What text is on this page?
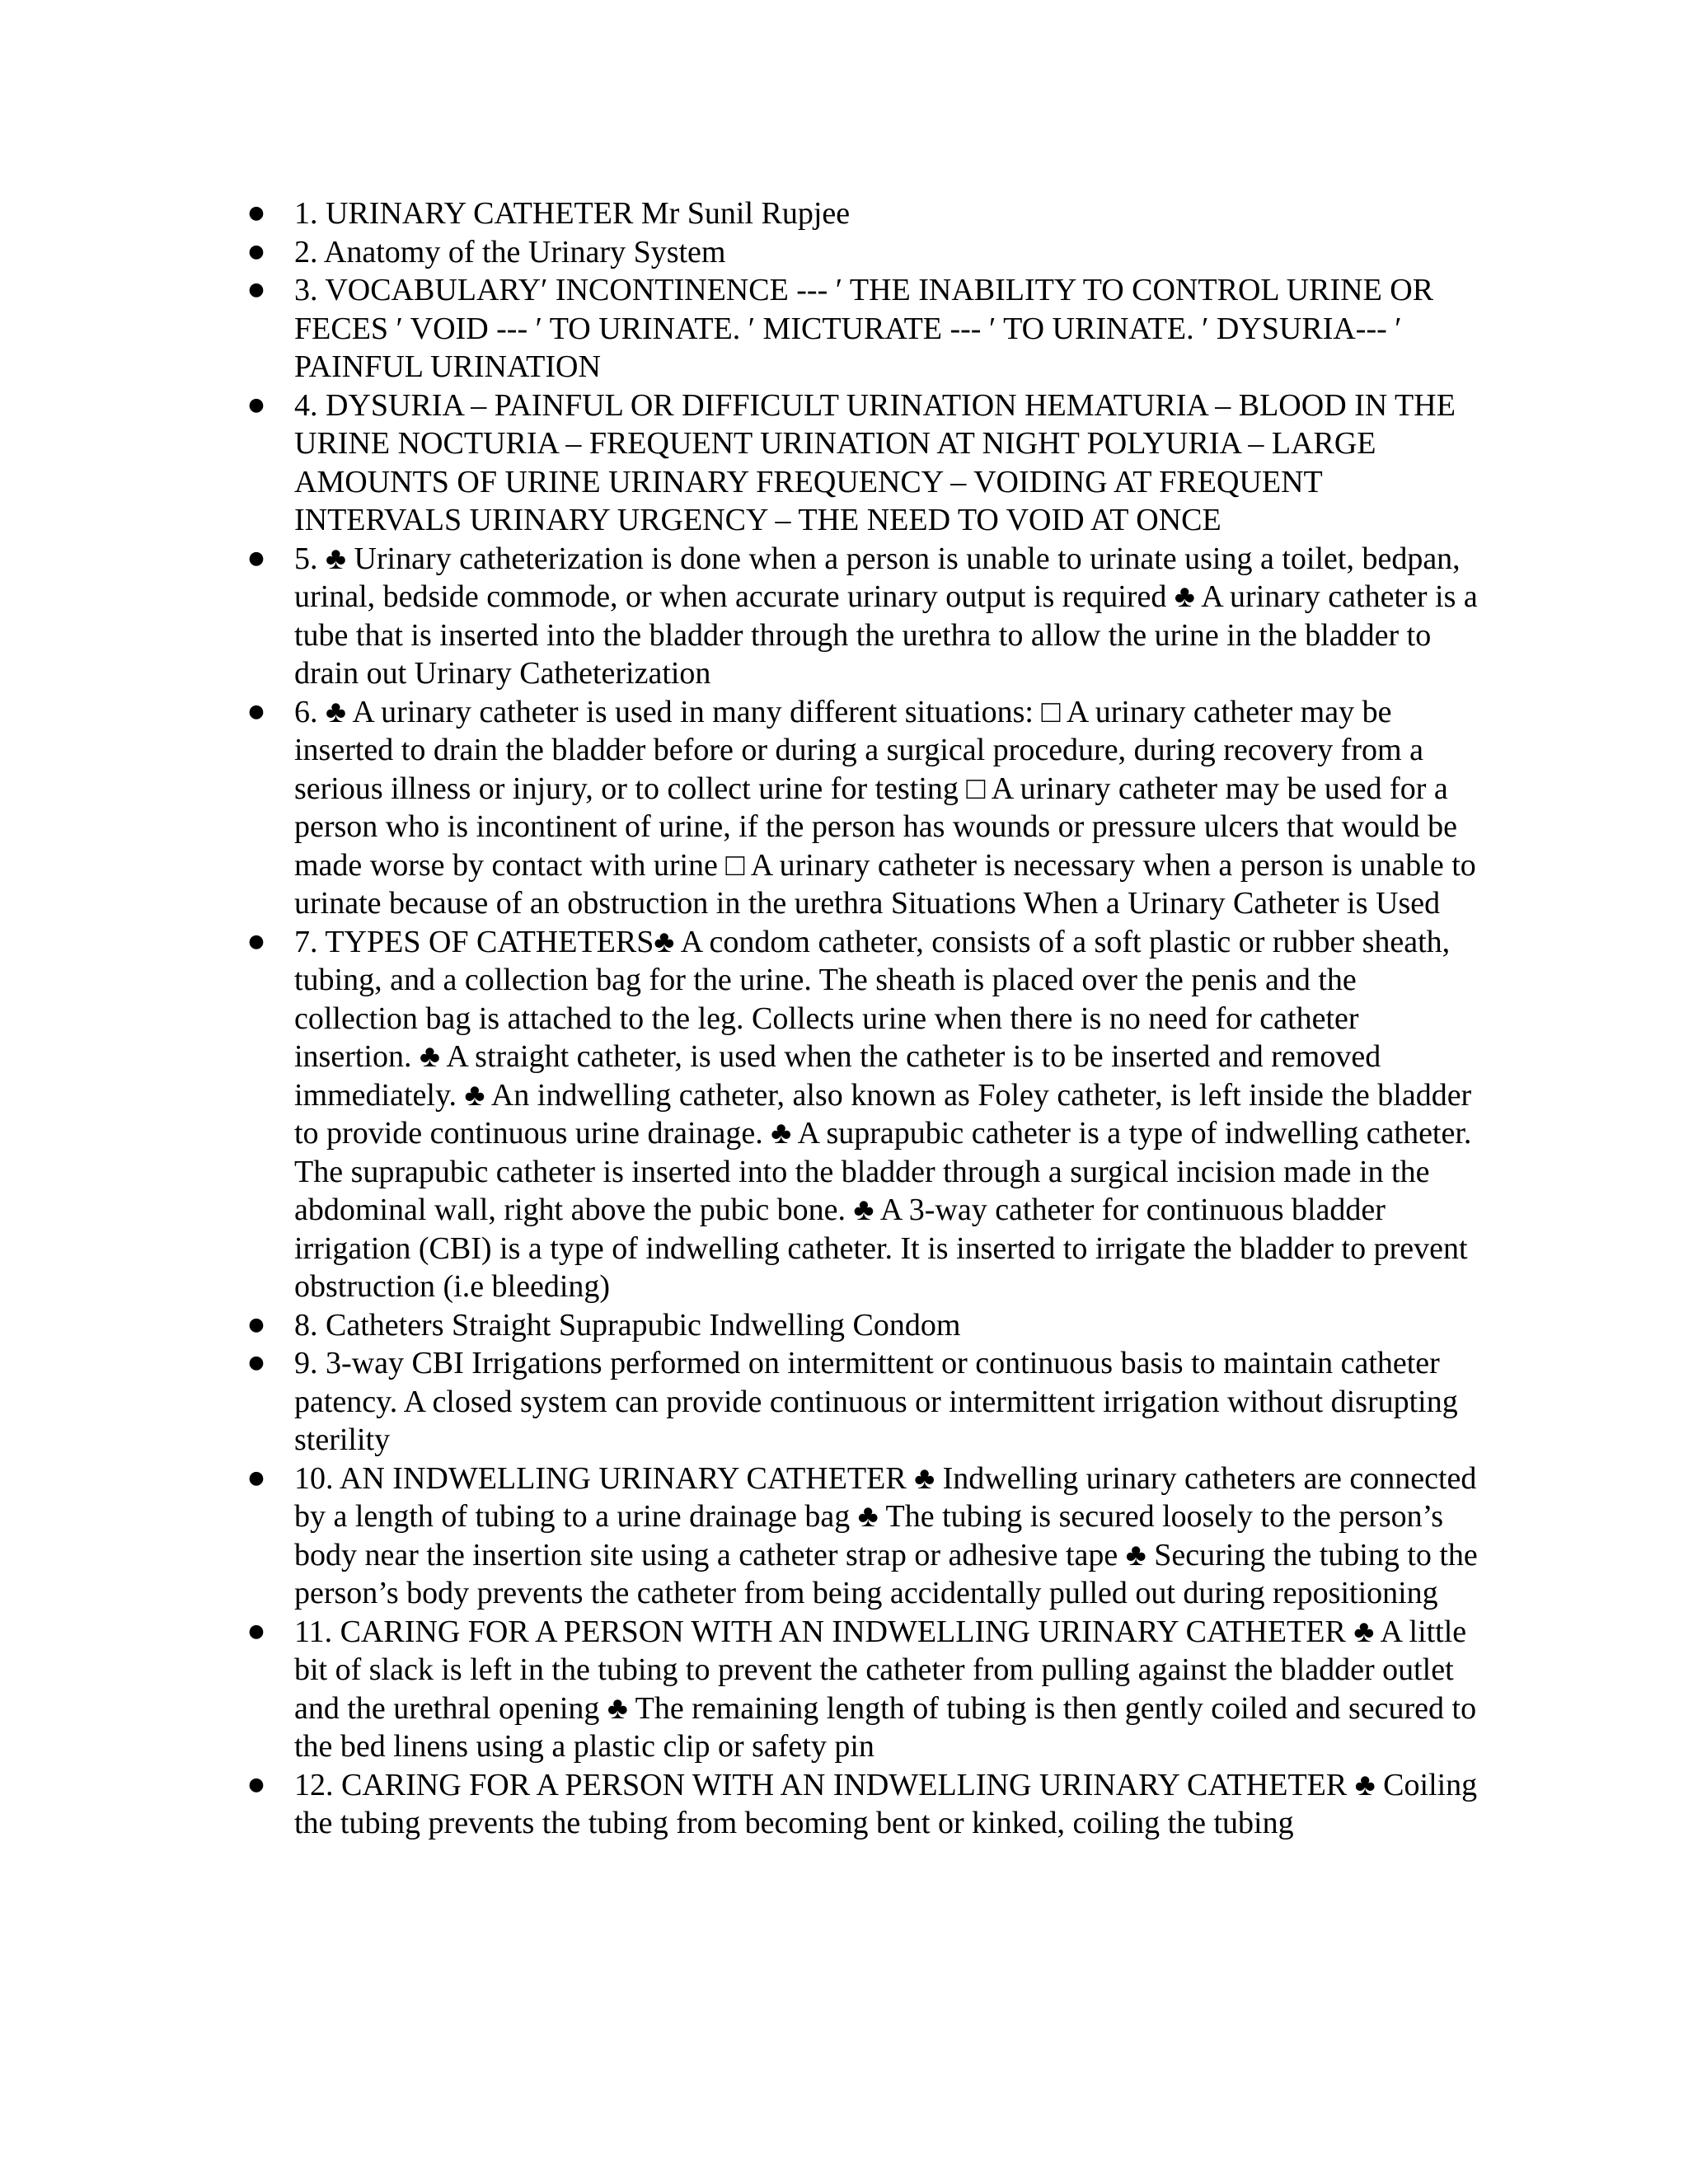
● 1. URINARY CATHETER Mr Sunil Rupjee
● 2. Anatomy of the Urinary System
● 3. VOCABULARY′ INCONTINENCE --- ′ THE INABILITY TO CONTROL URINE OR FECES ′ VOID --- ′ TO URINATE. ′ MICTURATE --- ′ TO URINATE. ′ DYSURIA--- ′ PAINFUL URINATION
● 4. DYSURIA – PAINFUL OR DIFFICULT URINATION HEMATURIA – BLOOD IN THE URINE NOCTURIA – FREQUENT URINATION AT NIGHT POLYURIA – LARGE AMOUNTS OF URINE URINARY FREQUENCY – VOIDING AT FREQUENT INTERVALS URINARY URGENCY – THE NEED TO VOID AT ONCE
● 5. ♣ Urinary catheterization is done when a person is unable to urinate using a toilet, bedpan, urinal, bedside commode, or when accurate urinary output is required ♣ A urinary catheter is a tube that is inserted into the bladder through the urethra to allow the urine in the bladder to drain out Urinary Catheterization
● 6. ♣ A urinary catheter is used in many different situations: □ A urinary catheter may be inserted to drain the bladder before or during a surgical procedure, during recovery from a serious illness or injury, or to collect urine for testing □ A urinary catheter may be used for a person who is incontinent of urine, if the person has wounds or pressure ulcers that would be made worse by contact with urine □ A urinary catheter is necessary when a person is unable to urinate because of an obstruction in the urethra Situations When a Urinary Catheter is Used
● 7. TYPES OF CATHETERS♣ A condom catheter, consists of a soft plastic or rubber sheath, tubing, and a collection bag for the urine. The sheath is placed over the penis and the collection bag is attached to the leg. Collects urine when there is no need for catheter insertion. ♣ A straight catheter, is used when the catheter is to be inserted and removed immediately. ♣ An indwelling catheter, also known as Foley catheter, is left inside the bladder to provide continuous urine drainage. ♣ A suprapubic catheter is a type of indwelling catheter. The suprapubic catheter is inserted into the bladder through a surgical incision made in the abdominal wall, right above the pubic bone. ♣ A 3-way catheter for continuous bladder irrigation (CBI) is a type of indwelling catheter. It is inserted to irrigate the bladder to prevent obstruction (i.e bleeding)
● 8. Catheters Straight Suprapubic Indwelling Condom
● 9. 3-way CBI Irrigations performed on intermittent or continuous basis to maintain catheter patency. A closed system can provide continuous or intermittent irrigation without disrupting sterility
● 10. AN INDWELLING URINARY CATHETER ♣ Indwelling urinary catheters are connected by a length of tubing to a urine drainage bag ♣ The tubing is secured loosely to the person’s body near the insertion site using a catheter strap or adhesive tape ♣ Securing the tubing to the person’s body prevents the catheter from being accidentally pulled out during repositioning
● 11. CARING FOR A PERSON WITH AN INDWELLING URINARY CATHETER ♣ A little bit of slack is left in the tubing to prevent the catheter from pulling against the bladder outlet and the urethral opening ♣ The remaining length of tubing is then gently coiled and secured to the bed linens using a plastic clip or safety pin
● 12. CARING FOR A PERSON WITH AN INDWELLING URINARY CATHETER ♣ Coiling the tubing prevents the tubing from becoming bent or kinked, coiling the tubing
